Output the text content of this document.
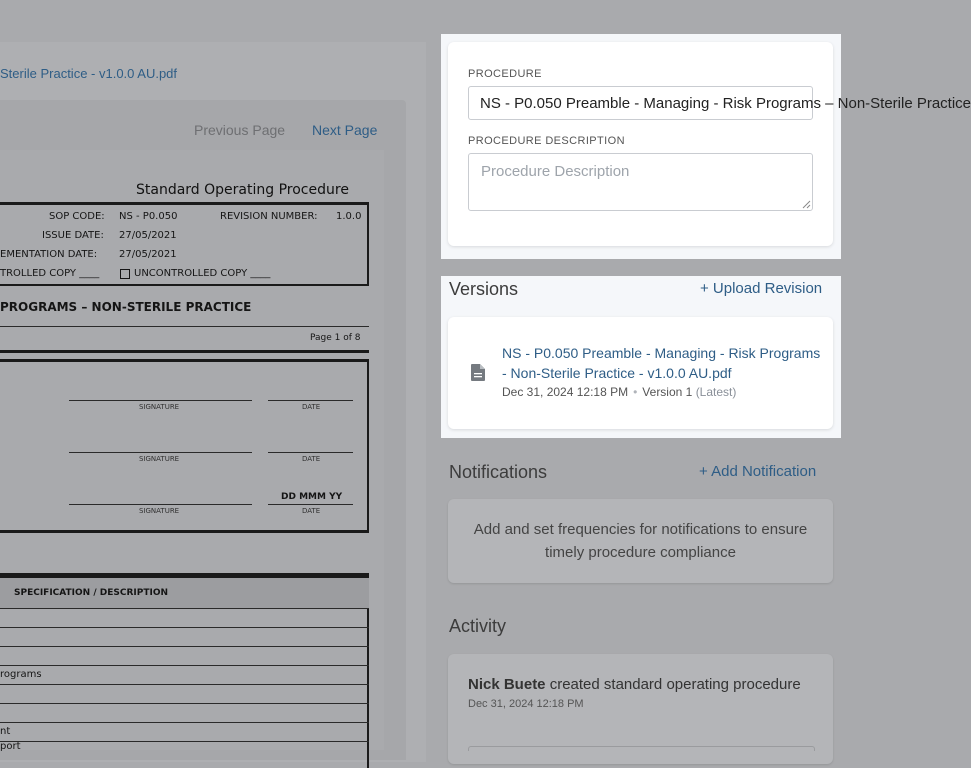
Sterile Practice - v1.0.0 AU.pdf
Previous Page Next Page
Standard Operating Procedure
SOP CODE: NS - P0.050	REVISION NUMBER: 1.0.0
ISSUE DATE: 27/05/2021
EMENTATION DATE: 27/05/2021
TROLLED COPY ____	UNCONTROLLED COPY ____
PROGRAMS – NON-STERILE PRACTICE
Page 1 of 8
SIGNATURE	DATE
SIGNATURE	DATE
DD MMM YY
SIGNATURE	DATE
SPECIFICATION / DESCRIPTION
rograms
nt
port
PROCEDURE
NS - P0.050 Preamble - Managing - Risk Programs – Non-Sterile Practice
PROCEDURE DESCRIPTION
Procedure Description
Versions	+ Upload Revision
NS - P0.050 Preamble - Managing - Risk Programs - Non-Sterile Practice - v1.0.0 AU.pdf
Dec 31, 2024 12:18 PM • Version 1 (Latest)
Notifications	+ Add Notification
Add and set frequencies for notifications to ensure timely procedure compliance
Activity
Nick Buete created standard operating procedure
Dec 31, 2024 12:18 PM
